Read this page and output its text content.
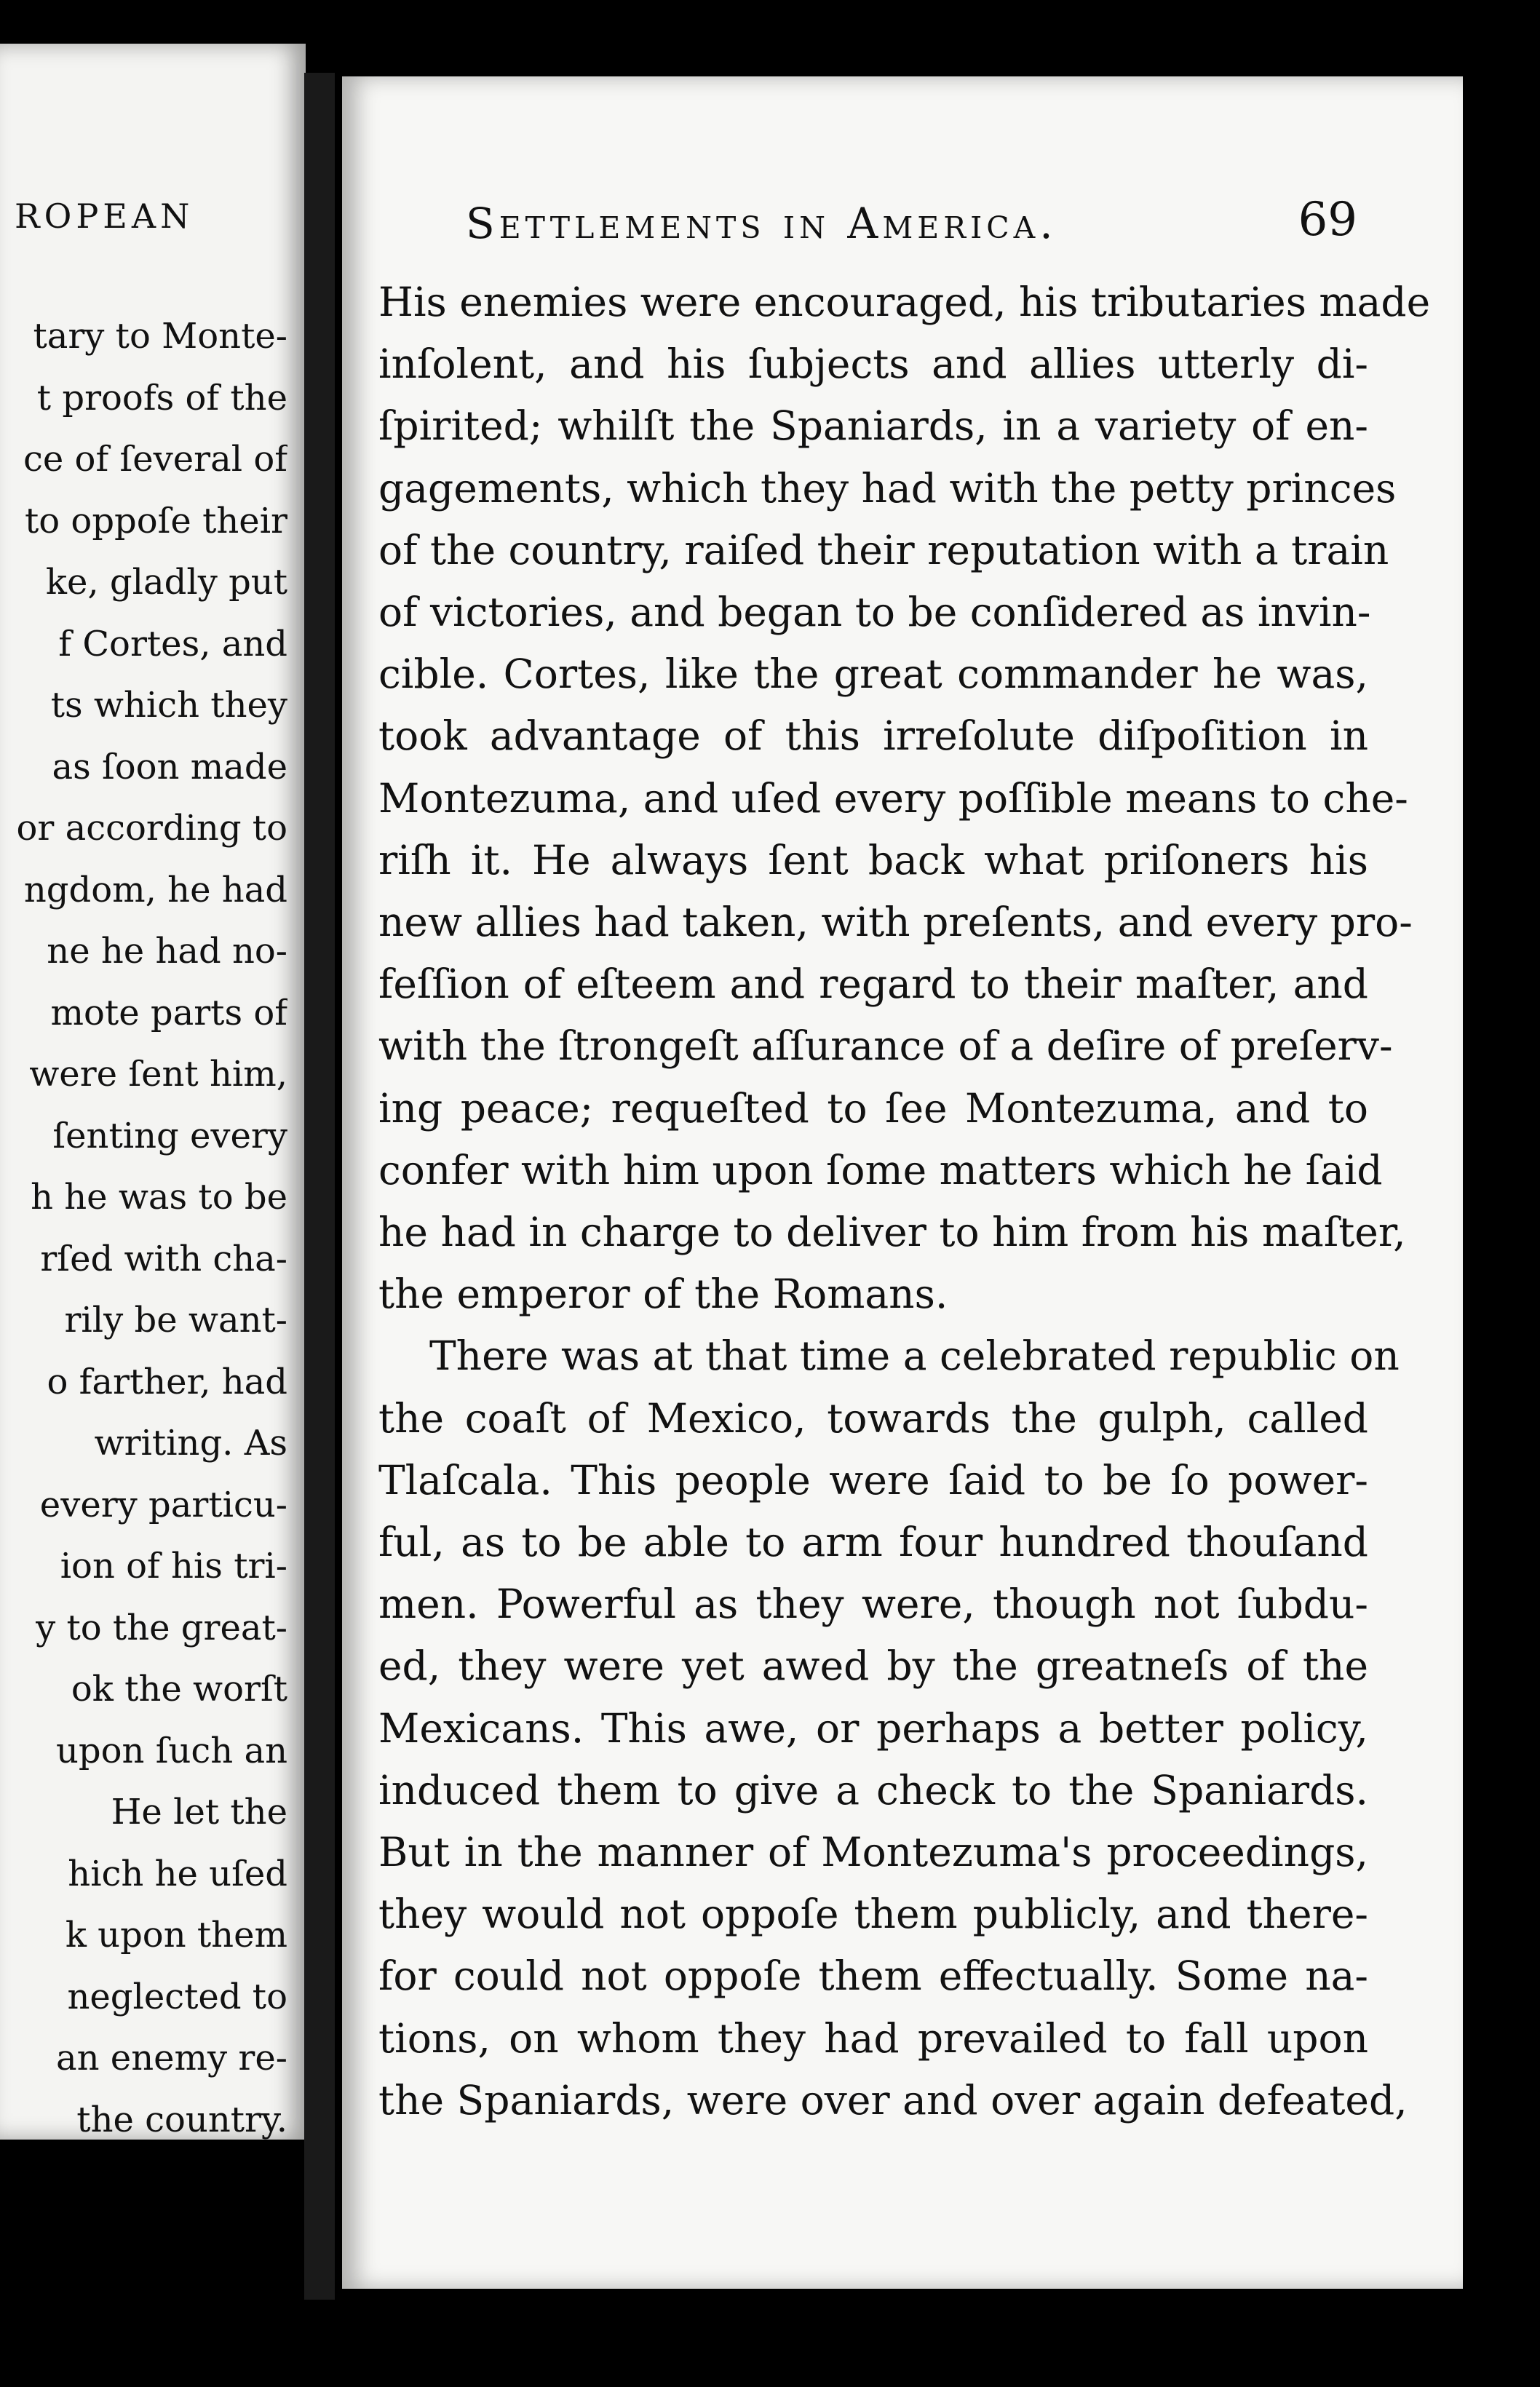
ROPEAN
tary to Monte-
t proofs of the
ce of ſeveral of
to oppoſe their
ke, gladly put
f Cortes, and
ts which they
as ſoon made
or according to
ngdom, he had
ne he had no-
mote parts of
were ſent him,
ſenting every
h he was to be
rſed with cha-
rily be want-
o farther, had
writing. As
every particu-
ion of his tri-
y to the great-
ok the worſt
upon ſuch an
He let the
hich he uſed
k upon them
neglected to
an enemy re-
the country.
Settlements in America.	69
His enemies were encouraged, his tributaries made
inſolent, and his ſubjects and allies utterly di-
ſpirited; whilſt the Spaniards, in a variety of en-
gagements, which they had with the petty princes
of the country, raiſed their reputation with a train
of victories, and began to be conſidered as invin-
cible. Cortes, like the great commander he was,
took advantage of this irreſolute diſpoſition in
Montezuma, and uſed every poſſible means to che-
riſh it. He always ſent back what priſoners his
new allies had taken, with preſents, and every pro-
feſſion of eſteem and regard to their maſter, and
with the ſtrongeſt aſſurance of a deſire of preſerv-
ing peace; requeſted to ſee Montezuma, and to
confer with him upon ſome matters which he ſaid
he had in charge to deliver to him from his maſter,
the emperor of the Romans.
There was at that time a celebrated republic on
the coaſt of Mexico, towards the gulph, called
Tlaſcala. This people were ſaid to be ſo power-
ful, as to be able to arm four hundred thouſand
men. Powerful as they were, though not ſubdu-
ed, they were yet awed by the greatneſs of the
Mexicans. This awe, or perhaps a better policy,
induced them to give a check to the Spaniards.
But in the manner of Montezuma's proceedings,
they would not oppoſe them publicly, and there-
for could not oppoſe them effectually. Some na-
tions, on whom they had prevailed to fall upon
the Spaniards, were over and over again defeated,
